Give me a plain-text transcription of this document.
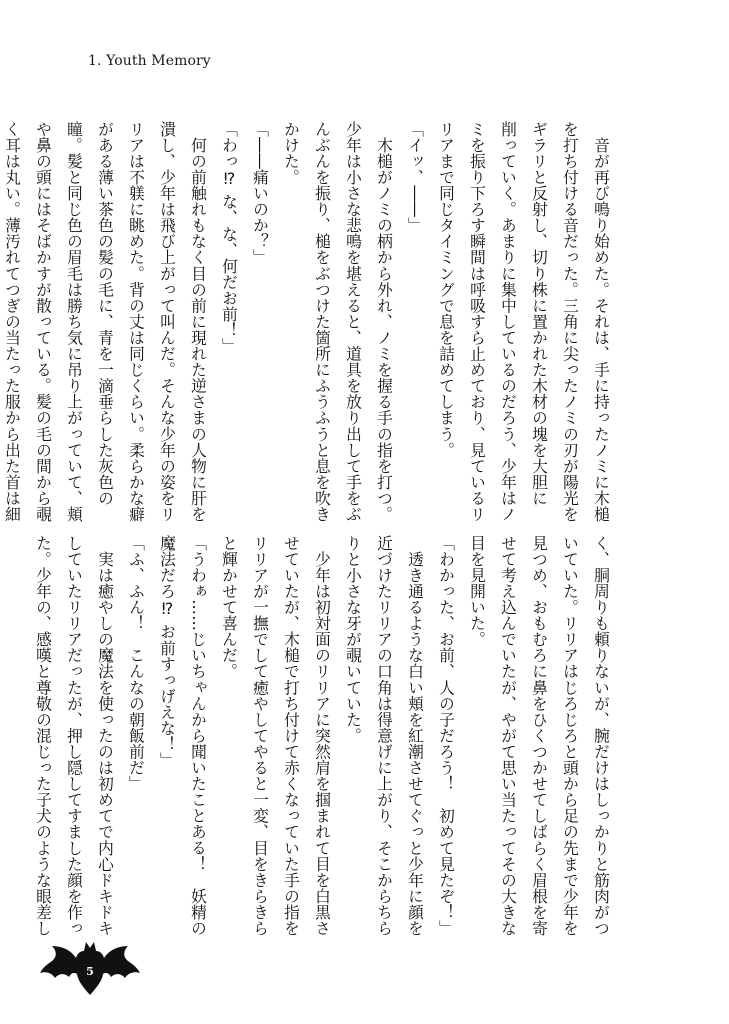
1. Youth Memory
　音が再び鳴り始めた。それは、手に持ったノミに木槌
を打ち付ける音だった。三角に尖ったノミの刃が陽光を
ギラリと反射し、切り株に置かれた木材の塊を大胆に
削っていく。あまりに集中しているのだろう、少年はノ
ミを振り下ろす瞬間は呼吸すら止めており、見ているリ
リアまで同じタイミングで息を詰めてしまう。
「イッ、――」
　木槌がノミの柄から外れ、ノミを握る手の指を打つ。
少年は小さな悲鳴を堪えると、道具を放り出して手をぶ
んぶんを振り、槌をぶつけた箇所にふうふうと息を吹き
かけた。
「――痛いのか？」
「わっ⁉ な、な、何だお前！」
　何の前触れもなく目の前に現れた逆さまの人物に肝を
潰し、少年は飛び上がって叫んだ。そんな少年の姿をリ
リアは不躾に眺めた。背の丈は同じくらい。柔らかな癖
がある薄い茶色の髪の毛に、青を一滴垂らした灰色の
瞳。髪と同じ色の眉毛は勝ち気に吊り上がっていて、頬
や鼻の頭にはそばかすが散っている。髪の毛の間から覗
く耳は丸い。薄汚れてつぎの当たった服から出た首は細
く、胴周りも頼りないが、腕だけはしっかりと筋肉がつ
いていた。リリアはじろじろと頭から足の先まで少年を
見つめ、おもむろに鼻をひくつかせてしばらく眉根を寄
せて考え込んでいたが、やがて思い当たってその大きな
目を見開いた。
「わかった、お前、人の子だろう！　初めて見たぞ！」
　透き通るような白い頬を紅潮させてぐっと少年に顔を
近づけたリリアの口角は得意げに上がり、そこからちら
りと小さな牙が覗いていた。
　少年は初対面のリリアに突然肩を掴まれて目を白黒さ
せていたが、木槌で打ち付けて赤くなっていた手の指を
リリアが一撫でして癒やしてやると一変、目をきらきら
と輝かせて喜んだ。
「うわぁ……じいちゃんから聞いたことある！　妖精の
魔法だろ⁉ お前すっげえな！」
「ふ、ふん！　こんなの朝飯前だ」
　実は癒やしの魔法を使ったのは初めてで内心ドキドキ
していたリリアだったが、押し隠してすました顔を作っ
た。少年の、感嘆と尊敬の混じった子犬のような眼差し
5
